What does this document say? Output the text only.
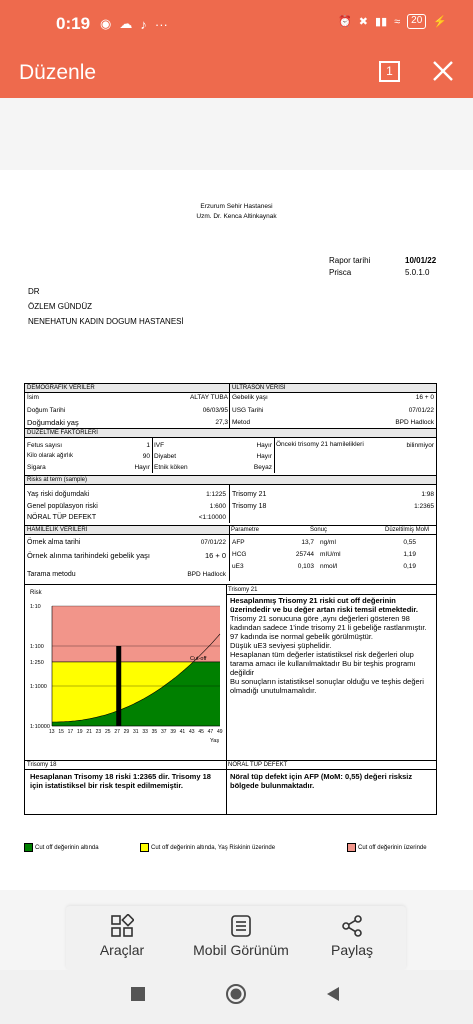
0:19 ◉ ☁ ♪ ···	⏰ ✖ ▮▮ ≈	20	⚡
Düzenle	1
Erzurum Sehir Hastanesi
Uzm. Dr. Kenca Altinkaynak
Rapor tarihi	10/01/22
Prisca	5.0.1.0
DR
ÖZLEM GÜNDÜZ
NENEHATUN KADIN DOGUM HASTANESİ
DEMOGRAFİK VERİLER	ULTRASON VERİSİ
İsim	ALTAY TUBA
Doğum Tarihi	06/03/95
Doğumdaki yaş	27,3
Gebelik yaşı	16 + 0
USG Tarihi	07/01/22
Metod	BPD Hadlock
DÜZELTME FAKTÖRLERİ
Fetus sayısı	1
Kilo olarak ağırlık	90
Sigara	Hayır
IVF	Hayır
Diyabet	Hayır
Etnik köken	Beyaz
Önceki trisomy 21 hamilelikleri	bilinmiyor
Risks at term (sample)
Yaş riski doğumdaki	1:1225
Genel popülasyon riski	1:600
NÖRAL TÜP DEFEKT	<1:10000
Trisomy 21	1:98
Trisomy 18	1:2365
HAMİLELİK VERİLERİ	Parametre	Sonuç	Düzeltilmiş MoM
Örnek alma tarihi	07/01/22
Örnek alınma tarihindeki gebelik yaşı	16 + 0
Tarama metodu	BPD Hadlock
AFP	13,7 ng/ml	0,55
HCG	25744 mIU/ml	1,19
uE3	0,103 nmol/l	0,19
Risk
1:10
1:100
1:250
1:1000
1:10000
Cut-off
13 15 17 19 21 23 25 27 29 31 33 35 37 39 41 43 45 47 49
Yaş
Trisomy 21
Hesaplanmış Trisomy 21 riski cut off değerinin üzerindedir ve bu değer artan riski temsil etmektedir.
Trisomy 21 sonucuna göre ,aynı değerleri gösteren 98 kadından sadece 1'inde trisomy 21 li gebeliğe rastlanmıştır. 97 kadında ise normal gebelik görülmüştür.
Düşük uE3 seviyesi şüphelidir.
Hesaplanan tüm değerler istatistiksel risk değerleri olup tarama amacı ile kullanılmaktadır Bu bir teşhis programı değildir
Bu sonuçların istatistiksel sonuçlar olduğu ve teşhis değeri olmadığı unutulmamalıdır.
Trisomy 18	NÖRAL TÜP DEFEKT
Hesaplanan Trisomy 18 riski 1:2365 dir. Trisomy 18 için istatistiksel bir risk tespit edilmemiştir.
Nöral tüp defekt için AFP (MoM: 0,55) değeri risksiz bölgede bulunmaktadır.
Cut off değerinin altında	Cut off değerinin altında, Yaş Riskinin üzerinde	Cut off değerinin üzerinde
Araçlar	Mobil Görünüm	Paylaş
